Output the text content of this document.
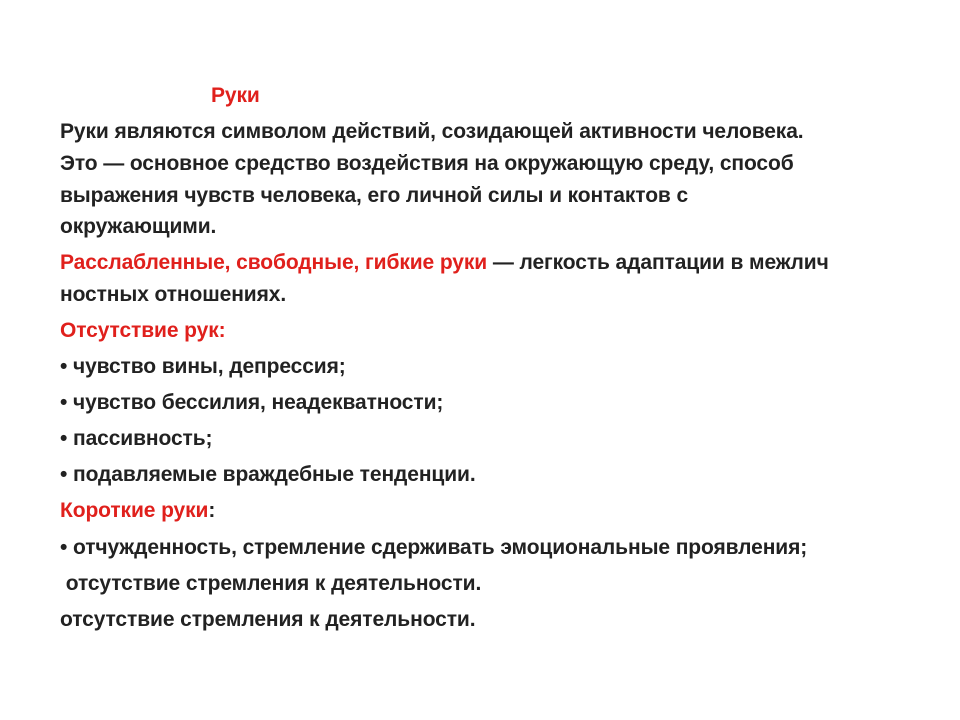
Руки
Руки являются символом действий, созидающей активности человека.
Это — основное средство воздействия на окружающую среду, способ
выражения чувств человека, его личной силы и контактов с
окружающими.
Расслабленные, свободные, гибкие руки — легкость адаптации в межлич
ностных отношениях.
Отсутствие рук:
• чувство вины, депрессия;
• чувство бессилия, неадекватности;
• пассивность;
• подавляемые враждебные тенденции.
Короткие руки:
• отчужденность, стремление сдерживать эмоциональные проявления;
отсутствие стремления к деятельности.
отсутствие стремления к деятельности.
